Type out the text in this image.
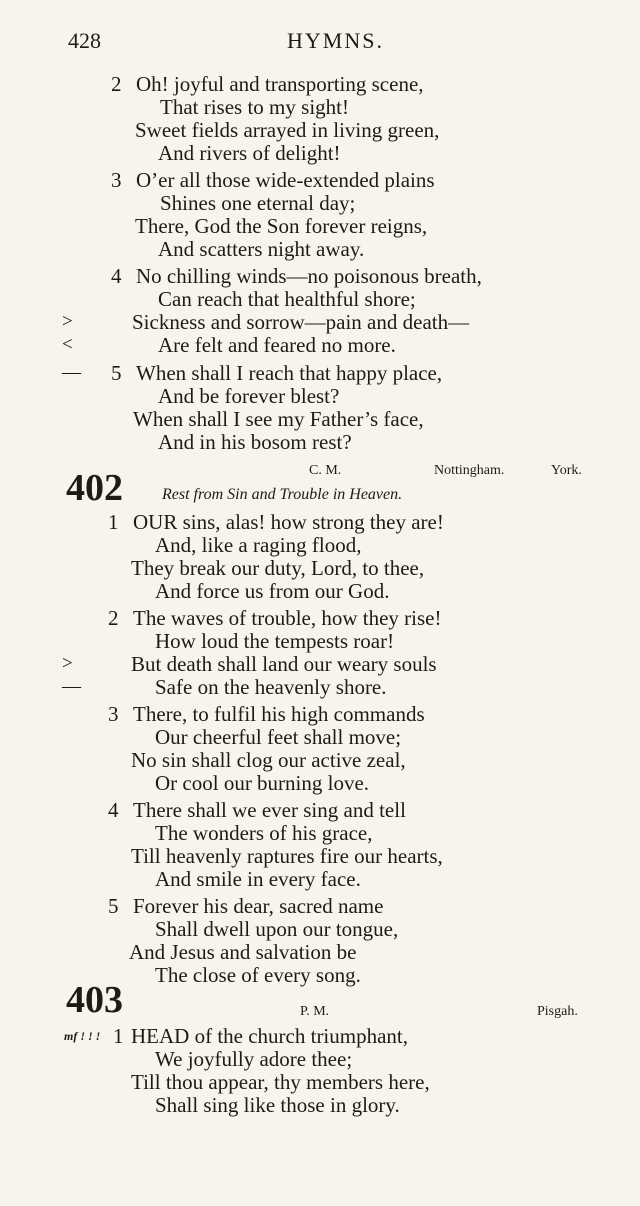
428	HYMNS.
2 Oh! joyful and transporting scene,
That rises to my sight!
Sweet fields arrayed in living green,
And rivers of delight!
3 O’er all those wide-extended plains
Shines one eternal day;
There, God the Son forever reigns,
And scatters night away.
4 No chilling winds—no poisonous breath,
Can reach that healthful shore;
>	Sickness and sorrow—pain and death—
<	Are felt and feared no more.
— 5 When shall I reach that happy place,
And be forever blest?
When shall I see my Father’s face,
And in his bosom rest?
402	C. M.	Nottingham.	York.
Rest from Sin and Trouble in Heaven.
1 OUR sins, alas! how strong they are!
And, like a raging flood,
They break our duty, Lord, to thee,
And force us from our God.
2 The waves of trouble, how they rise!
How loud the tempests roar!
>	But death shall land our weary souls
—	Safe on the heavenly shore.
3 There, to fulfil his high commands
Our cheerful feet shall move;
No sin shall clog our active zeal,
Or cool our burning love.
4 There shall we ever sing and tell
The wonders of his grace,
Till heavenly raptures fire our hearts,
And smile in every face.
5 Forever his dear, sacred name
Shall dwell upon our tongue,
And Jesus and salvation be
The close of every song.
403	P. M.	Pisgah.
mf ! ! ! 1 HEAD of the church triumphant,
We joyfully adore thee;
Till thou appear, thy members here,
Shall sing like those in glory.
